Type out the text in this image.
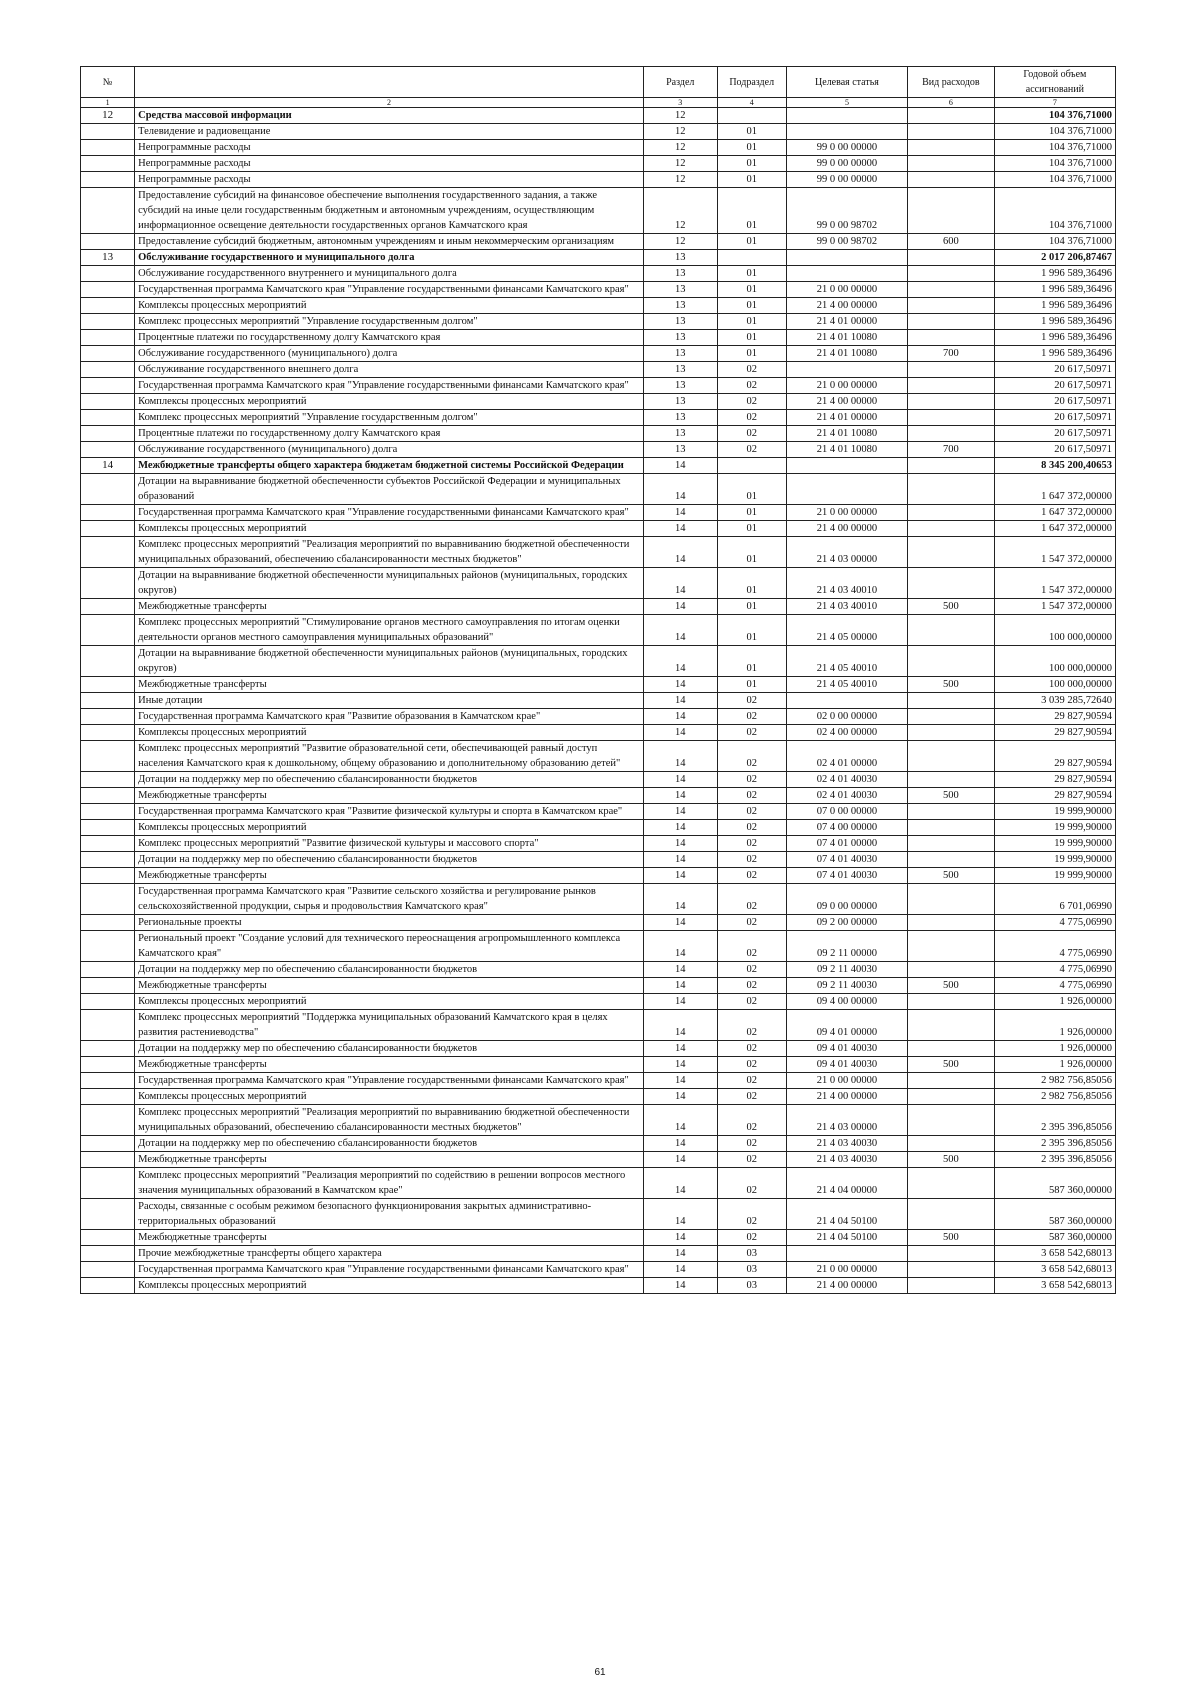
№		Раздел	Подраздел	Целевая статья	Вид расходов	Годовой объем ассигнований
1	2	3	4	5	6	7
12	Средства массовой информации	12				104 376,71000
	Телевидение и радиовещание	12	01			104 376,71000
	Непрограммные расходы	12	01	99 0 00 00000		104 376,71000
	Непрограммные расходы	12	01	99 0 00 00000		104 376,71000
	Непрограммные расходы	12	01	99 0 00 00000		104 376,71000
	Предоставление субсидий на финансовое обеспечение выполнения государственного задания, а также субсидий на иные цели государственным бюджетным и автономным учреждениям, осуществляющим информационное освещение деятельности государственных органов Камчатского края	12	01	99 0 00 98702		104 376,71000
	Предоставление субсидий бюджетным, автономным учреждениям и иным некоммерческим организациям	12	01	99 0 00 98702	600	104 376,71000
13	Обслуживание государственного и муниципального долга	13				2 017 206,87467
	Обслуживание государственного внутреннего и муниципального долга	13	01			1 996 589,36496
	Государственная программа Камчатского края "Управление государственными финансами Камчатского края"	13	01	21 0 00 00000		1 996 589,36496
	Комплексы процессных мероприятий	13	01	21 4 00 00000		1 996 589,36496
	Комплекс процессных мероприятий "Управление государственным долгом"	13	01	21 4 01 00000		1 996 589,36496
	Процентные платежи по государственному долгу Камчатского края	13	01	21 4 01 10080		1 996 589,36496
	Обслуживание государственного (муниципального) долга	13	01	21 4 01 10080	700	1 996 589,36496
	Обслуживание государственного внешнего долга	13	02			20 617,50971
	Государственная программа Камчатского края "Управление государственными финансами Камчатского края"	13	02	21 0 00 00000		20 617,50971
	Комплексы процессных мероприятий	13	02	21 4 00 00000		20 617,50971
	Комплекс процессных мероприятий "Управление государственным долгом"	13	02	21 4 01 00000		20 617,50971
	Процентные платежи по государственному долгу Камчатского края	13	02	21 4 01 10080		20 617,50971
	Обслуживание государственного (муниципального) долга	13	02	21 4 01 10080	700	20 617,50971
14	Межбюджетные трансферты общего характера бюджетам бюджетной системы Российской Федерации	14				8 345 200,40653
	Дотации на выравнивание бюджетной обеспеченности субъектов Российской Федерации и муниципальных образований	14	01			1 647 372,00000
	Государственная программа Камчатского края "Управление государственными финансами Камчатского края"	14	01	21 0 00 00000		1 647 372,00000
	Комплексы процессных мероприятий	14	01	21 4 00 00000		1 647 372,00000
	Комплекс процессных мероприятий "Реализация мероприятий по выравниванию бюджетной обеспеченности муниципальных образований, обеспечению сбалансированности местных бюджетов"	14	01	21 4 03 00000		1 547 372,00000
	Дотации на выравнивание бюджетной обеспеченности муниципальных районов (муниципальных, городских округов)	14	01	21 4 03 40010		1 547 372,00000
	Межбюджетные трансферты	14	01	21 4 03 40010	500	1 547 372,00000
	Комплекс процессных мероприятий "Стимулирование органов местного самоуправления по итогам оценки деятельности органов местного самоуправления муниципальных образований"	14	01	21 4 05 00000		100 000,00000
	Дотации на выравнивание бюджетной обеспеченности муниципальных районов (муниципальных, городских округов)	14	01	21 4 05 40010		100 000,00000
	Межбюджетные трансферты	14	01	21 4 05 40010	500	100 000,00000
	Иные дотации	14	02			3 039 285,72640
	Государственная программа Камчатского края "Развитие образования в Камчатском крае"	14	02	02 0 00 00000		29 827,90594
	Комплексы процессных мероприятий	14	02	02 4 00 00000		29 827,90594
	Комплекс процессных мероприятий "Развитие образовательной сети, обеспечивающей равный доступ населения Камчатского края к дошкольному, общему образованию и дополнительному образованию детей"	14	02	02 4 01 00000		29 827,90594
	Дотации на поддержку мер по обеспечению сбалансированности бюджетов	14	02	02 4 01 40030		29 827,90594
	Межбюджетные трансферты	14	02	02 4 01 40030	500	29 827,90594
	Государственная программа Камчатского края "Развитие физической культуры и спорта в Камчатском крае"	14	02	07 0 00 00000		19 999,90000
	Комплексы процессных мероприятий	14	02	07 4 00 00000		19 999,90000
	Комплекс процессных мероприятий "Развитие физической культуры и массового спорта"	14	02	07 4 01 00000		19 999,90000
	Дотации на поддержку мер по обеспечению сбалансированности бюджетов	14	02	07 4 01 40030		19 999,90000
	Межбюджетные трансферты	14	02	07 4 01 40030	500	19 999,90000
	Государственная программа Камчатского края "Развитие сельского хозяйства и регулирование рынков сельскохозяйственной продукции, сырья и продовольствия Камчатского края"	14	02	09 0 00 00000		6 701,06990
	Региональные проекты	14	02	09 2 00 00000		4 775,06990
	Региональный проект "Создание условий для технического переоснащения агропромышленного комплекса Камчатского края"	14	02	09 2 11 00000		4 775,06990
	Дотации на поддержку мер по обеспечению сбалансированности бюджетов	14	02	09 2 11 40030		4 775,06990
	Межбюджетные трансферты	14	02	09 2 11 40030	500	4 775,06990
	Комплексы процессных мероприятий	14	02	09 4 00 00000		1 926,00000
	Комплекс процессных мероприятий "Поддержка муниципальных образований Камчатского края в целях развития растениеводства"	14	02	09 4 01 00000		1 926,00000
	Дотации на поддержку мер по обеспечению сбалансированности бюджетов	14	02	09 4 01 40030		1 926,00000
	Межбюджетные трансферты	14	02	09 4 01 40030	500	1 926,00000
	Государственная программа Камчатского края "Управление государственными финансами Камчатского края"	14	02	21 0 00 00000		2 982 756,85056
	Комплексы процессных мероприятий	14	02	21 4 00 00000		2 982 756,85056
	Комплекс процессных мероприятий "Реализация мероприятий по выравниванию бюджетной обеспеченности муниципальных образований, обеспечению сбалансированности местных бюджетов"	14	02	21 4 03 00000		2 395 396,85056
	Дотации на поддержку мер по обеспечению сбалансированности бюджетов	14	02	21 4 03 40030		2 395 396,85056
	Межбюджетные трансферты	14	02	21 4 03 40030	500	2 395 396,85056
	Комплекс процессных мероприятий "Реализация мероприятий по содействию в решении вопросов местного значения муниципальных образований в Камчатском крае"	14	02	21 4 04 00000		587 360,00000
	Расходы, связанные с особым режимом безопасного функционирования закрытых административно-территориальных образований	14	02	21 4 04 50100		587 360,00000
	Межбюджетные трансферты	14	02	21 4 04 50100	500	587 360,00000
	Прочие межбюджетные трансферты общего характера	14	03			3 658 542,68013
	Государственная программа Камчатского края "Управление государственными финансами Камчатского края"	14	03	21 0 00 00000		3 658 542,68013
	Комплексы процессных мероприятий	14	03	21 4 00 00000		3 658 542,68013
61
